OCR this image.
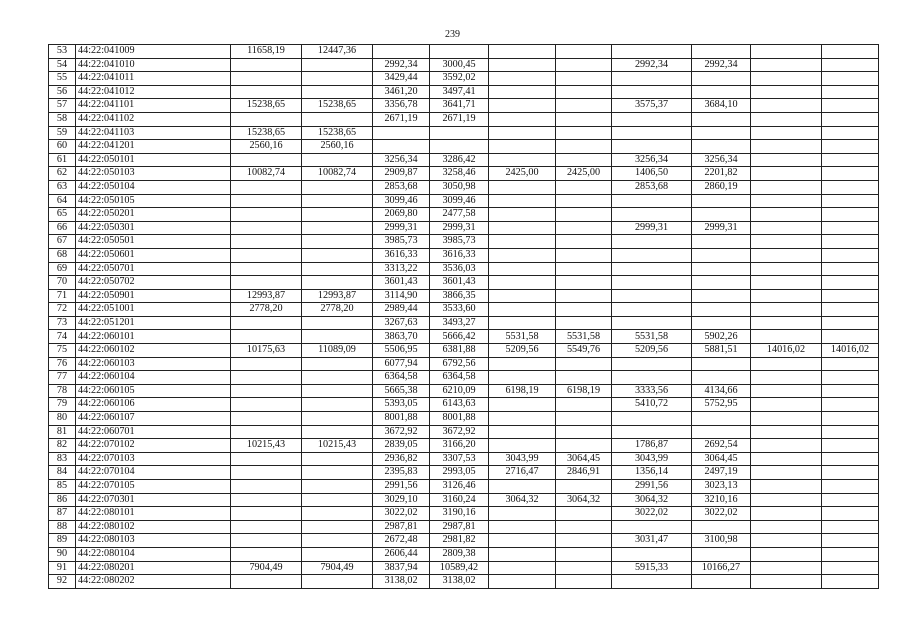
239
53	44:22:041009	11658,19	12447,36								
54	44:22:041010			2992,34	3000,45			2992,34	2992,34		
55	44:22:041011			3429,44	3592,02						
56	44:22:041012			3461,20	3497,41						
57	44:22:041101	15238,65	15238,65	3356,78	3641,71			3575,37	3684,10		
58	44:22:041102			2671,19	2671,19						
59	44:22:041103	15238,65	15238,65								
60	44:22:041201	2560,16	2560,16								
61	44:22:050101			3256,34	3286,42			3256,34	3256,34		
62	44:22:050103	10082,74	10082,74	2909,87	3258,46	2425,00	2425,00	1406,50	2201,82		
63	44:22:050104			2853,68	3050,98			2853,68	2860,19		
64	44:22:050105			3099,46	3099,46						
65	44:22:050201			2069,80	2477,58						
66	44:22:050301			2999,31	2999,31			2999,31	2999,31		
67	44:22:050501			3985,73	3985,73						
68	44:22:050601			3616,33	3616,33						
69	44:22:050701			3313,22	3536,03						
70	44:22:050702			3601,43	3601,43						
71	44:22:050901	12993,87	12993,87	3114,90	3866,35						
72	44:22:051001	2778,20	2778,20	2989,44	3533,60						
73	44:22:051201			3267,63	3493,27						
74	44:22:060101			3863,70	5666,42	5531,58	5531,58	5531,58	5902,26		
75	44:22:060102	10175,63	11089,09	5506,95	6381,88	5209,56	5549,76	5209,56	5881,51	14016,02	14016,02
76	44:22:060103			6077,94	6792,56						
77	44:22:060104			6364,58	6364,58						
78	44:22:060105			5665,38	6210,09	6198,19	6198,19	3333,56	4134,66		
79	44:22:060106			5393,05	6143,63			5410,72	5752,95		
80	44:22:060107			8001,88	8001,88						
81	44:22:060701			3672,92	3672,92						
82	44:22:070102	10215,43	10215,43	2839,05	3166,20			1786,87	2692,54		
83	44:22:070103			2936,82	3307,53	3043,99	3064,45	3043,99	3064,45		
84	44:22:070104			2395,83	2993,05	2716,47	2846,91	1356,14	2497,19		
85	44:22:070105			2991,56	3126,46			2991,56	3023,13		
86	44:22:070301			3029,10	3160,24	3064,32	3064,32	3064,32	3210,16		
87	44:22:080101			3022,02	3190,16			3022,02	3022,02		
88	44:22:080102			2987,81	2987,81						
89	44:22:080103			2672,48	2981,82			3031,47	3100,98		
90	44:22:080104			2606,44	2809,38						
91	44:22:080201	7904,49	7904,49	3837,94	10589,42			5915,33	10166,27		
92	44:22:080202			3138,02	3138,02						
